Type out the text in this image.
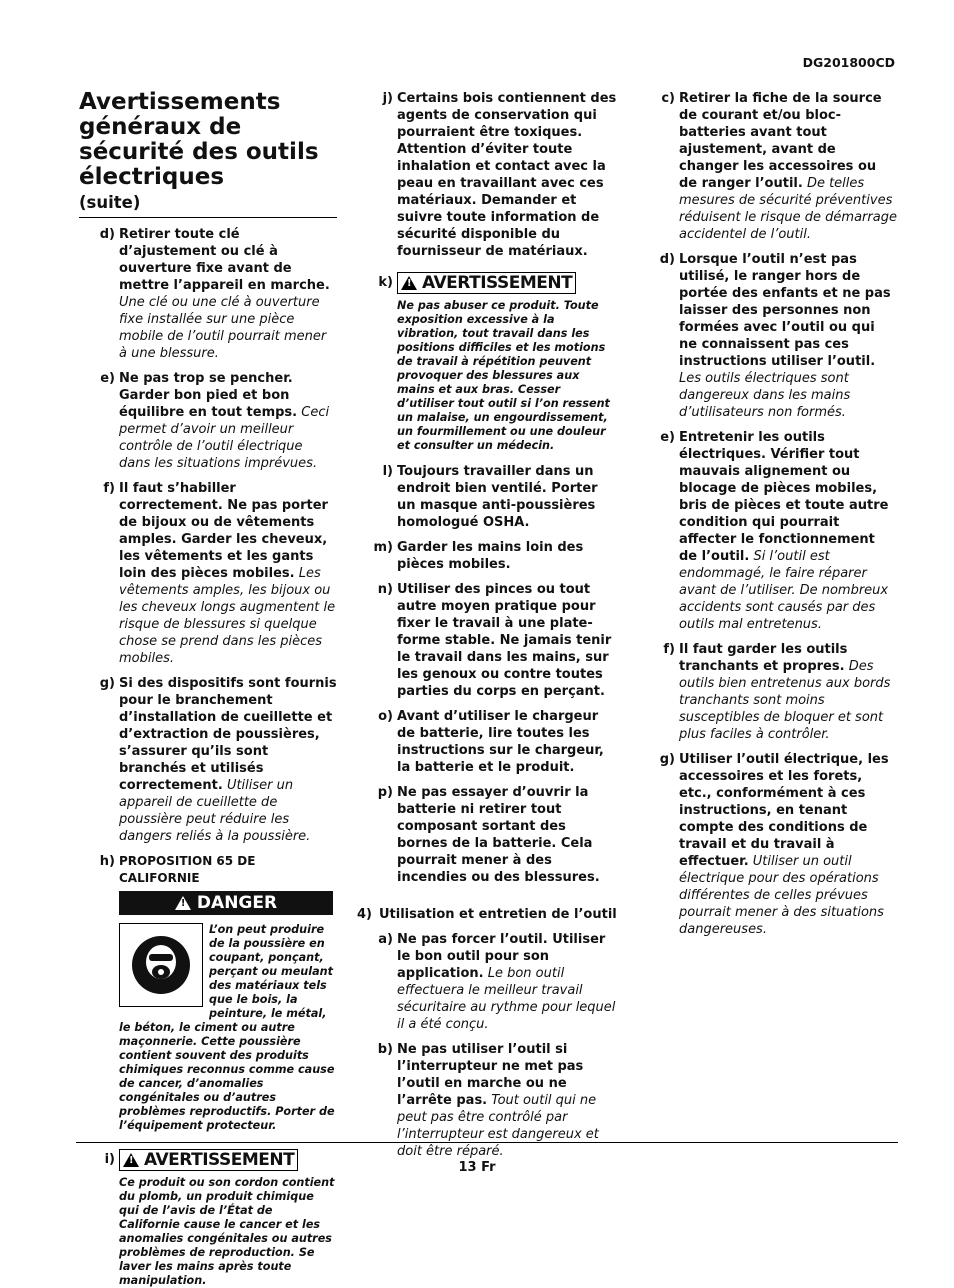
DG201800CD
Avertissements généraux de sécurité des outils électriques
(suite)
d) Retirer toute clé d’ajustement ou clé à ouverture fixe avant de mettre l’appareil en marche. Une clé ou une clé à ouverture fixe installée sur une pièce mobile de l’outil pourrait mener à une blessure.
e) Ne pas trop se pencher. Garder bon pied et bon équilibre en tout temps. Ceci permet d’avoir un meilleur contrôle de l’outil électrique dans les situations imprévues.
f) Il faut s’habiller correctement. Ne pas porter de bijoux ou de vêtements amples. Garder les cheveux, les vêtements et les gants loin des pièces mobiles. Les vêtements amples, les bijoux ou les cheveux longs augmentent le risque de blessures si quelque chose se prend dans les pièces mobiles.
g) Si des dispositifs sont fournis pour le branchement d’installation de cueillette et d’extraction de poussières, s’assurer qu’ils sont branchés et utilisés correctement. Utiliser un appareil de cueillette de poussière peut réduire les dangers reliés à la poussière.
h) PROPOSITION 65 DE CALIFORNIE
! DANGER
L’on peut produire de la poussière en coupant, ponçant, perçant ou meulant des matériaux tels que le bois, la peinture, le métal, le béton, le ciment ou autre maçonnerie. Cette poussière contient souvent des produits chimiques reconnus comme cause de cancer, d’anomalies congénitales ou d’autres problèmes reproductifs. Porter de l’équipement protecteur.
i)	! AVERTISSEMENT
Ce produit ou son cordon contient du plomb, un produit chimique qui de l’avis de l’État de Californie cause le cancer et les anomalies congénitales ou autres problèmes de reproduction. Se laver les mains après toute manipulation.
j) Certains bois contiennent des agents de conservation qui pourraient être toxiques. Attention d’éviter toute inhalation et contact avec la peau en travaillant avec ces matériaux. Demander et suivre toute information de sécurité disponible du fournisseur de matériaux.
k)	! AVERTISSEMENT
Ne pas abuser ce produit. Toute exposition excessive à la vibration, tout travail dans les positions difficiles et les motions de travail à répétition peuvent provoquer des blessures aux mains et aux bras. Cesser d’utiliser tout outil si l’on ressent un malaise, un engourdissement, un fourmillement ou une douleur et consulter un médecin.
l) Toujours travailler dans un endroit bien ventilé. Porter un masque anti-poussières homologué OSHA.
m) Garder les mains loin des pièces mobiles.
n) Utiliser des pinces ou tout autre moyen pratique pour fixer le travail à une plate-forme stable. Ne jamais tenir le travail dans les mains, sur les genoux ou contre toutes parties du corps en perçant.
o) Avant d’utiliser le chargeur de batterie, lire toutes les instructions sur le chargeur, la batterie et le produit.
p) Ne pas essayer d’ouvrir la batterie ni retirer tout composant sortant des bornes de la batterie. Cela pourrait mener à des incendies ou des blessures.
4) Utilisation et entretien de l’outil
a) Ne pas forcer l’outil. Utiliser le bon outil pour son application. Le bon outil effectuera le meilleur travail sécuritaire au rythme pour lequel il a été conçu.
b) Ne pas utiliser l’outil si l’interrupteur ne met pas l’outil en marche ou ne l’arrête pas. Tout outil qui ne peut pas être contrôlé par l’interrupteur est dangereux et doit être réparé.
c) Retirer la fiche de la source de courant et/ou bloc-batteries avant tout ajustement, avant de changer les accessoires ou de ranger l’outil. De telles mesures de sécurité préventives réduisent le risque de démarrage accidentel de l’outil.
d) Lorsque l’outil n’est pas utilisé, le ranger hors de portée des enfants et ne pas laisser des personnes non formées avec l’outil ou qui ne connaissent pas ces instructions utiliser l’outil. Les outils électriques sont dangereux dans les mains d’utilisateurs non formés.
e) Entretenir les outils électriques. Vérifier tout mauvais alignement ou blocage de pièces mobiles, bris de pièces et toute autre condition qui pourrait affecter le fonctionnement de l’outil. Si l’outil est endommagé, le faire réparer avant de l’utiliser. De nombreux accidents sont causés par des outils mal entretenus.
f) Il faut garder les outils tranchants et propres. Des outils bien entretenus aux bords tranchants sont moins susceptibles de bloquer et sont plus faciles à contrôler.
g) Utiliser l’outil électrique, les accessoires et les forets, etc., conformément à ces instructions, en tenant compte des conditions de travail et du travail à effectuer. Utiliser un outil électrique pour des opérations différentes de celles prévues pourrait mener à des situations dangereuses.
13 Fr
